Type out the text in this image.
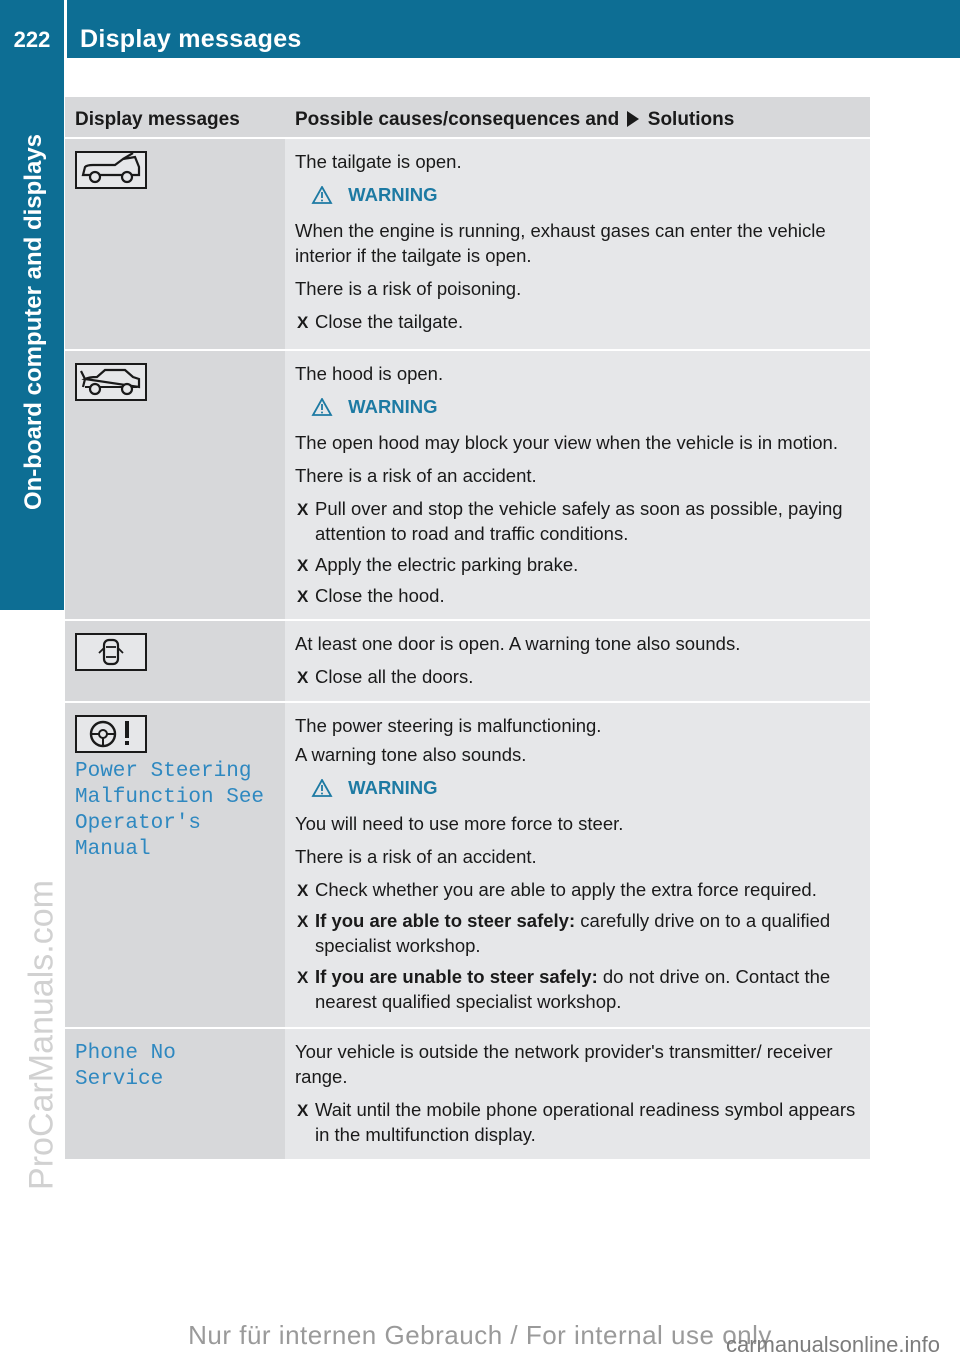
222	Display messages
On-board computer and displays
ProCarManuals.com
Display messages	Possible causes/consequences and Solutions

The tailgate is open.

WARNING

When the engine is running, exhaust gases can enter the vehicle interior if the tailgate is open.

There is a risk of poisoning.

X Close the tailgate.

The hood is open.

WARNING

The open hood may block your view when the vehicle is in motion.

There is a risk of an accident.

X Pull over and stop the vehicle safely as soon as possible, paying attention to road and traffic conditions.
X Apply the electric parking brake.
X Close the hood.

At least one door is open. A warning tone also sounds.

X Close all the doors.
Power Steering
Malfunction See
Operator's Manual

The power steering is malfunctioning.

A warning tone also sounds.

WARNING

You will need to use more force to steer.

There is a risk of an accident.

X Check whether you are able to apply the extra force required.
X If you are able to steer safely: carefully drive on to a qualified specialist workshop.
X If you are unable to steer safely: do not drive on. Contact the nearest qualified specialist workshop.
Phone No Service

Your vehicle is outside the network provider's transmitter/ receiver range.

X Wait until the mobile phone operational readiness symbol appears in the multifunction display.
Nur für internen Gebrauch / For internal use only
carmanualsonline.info
